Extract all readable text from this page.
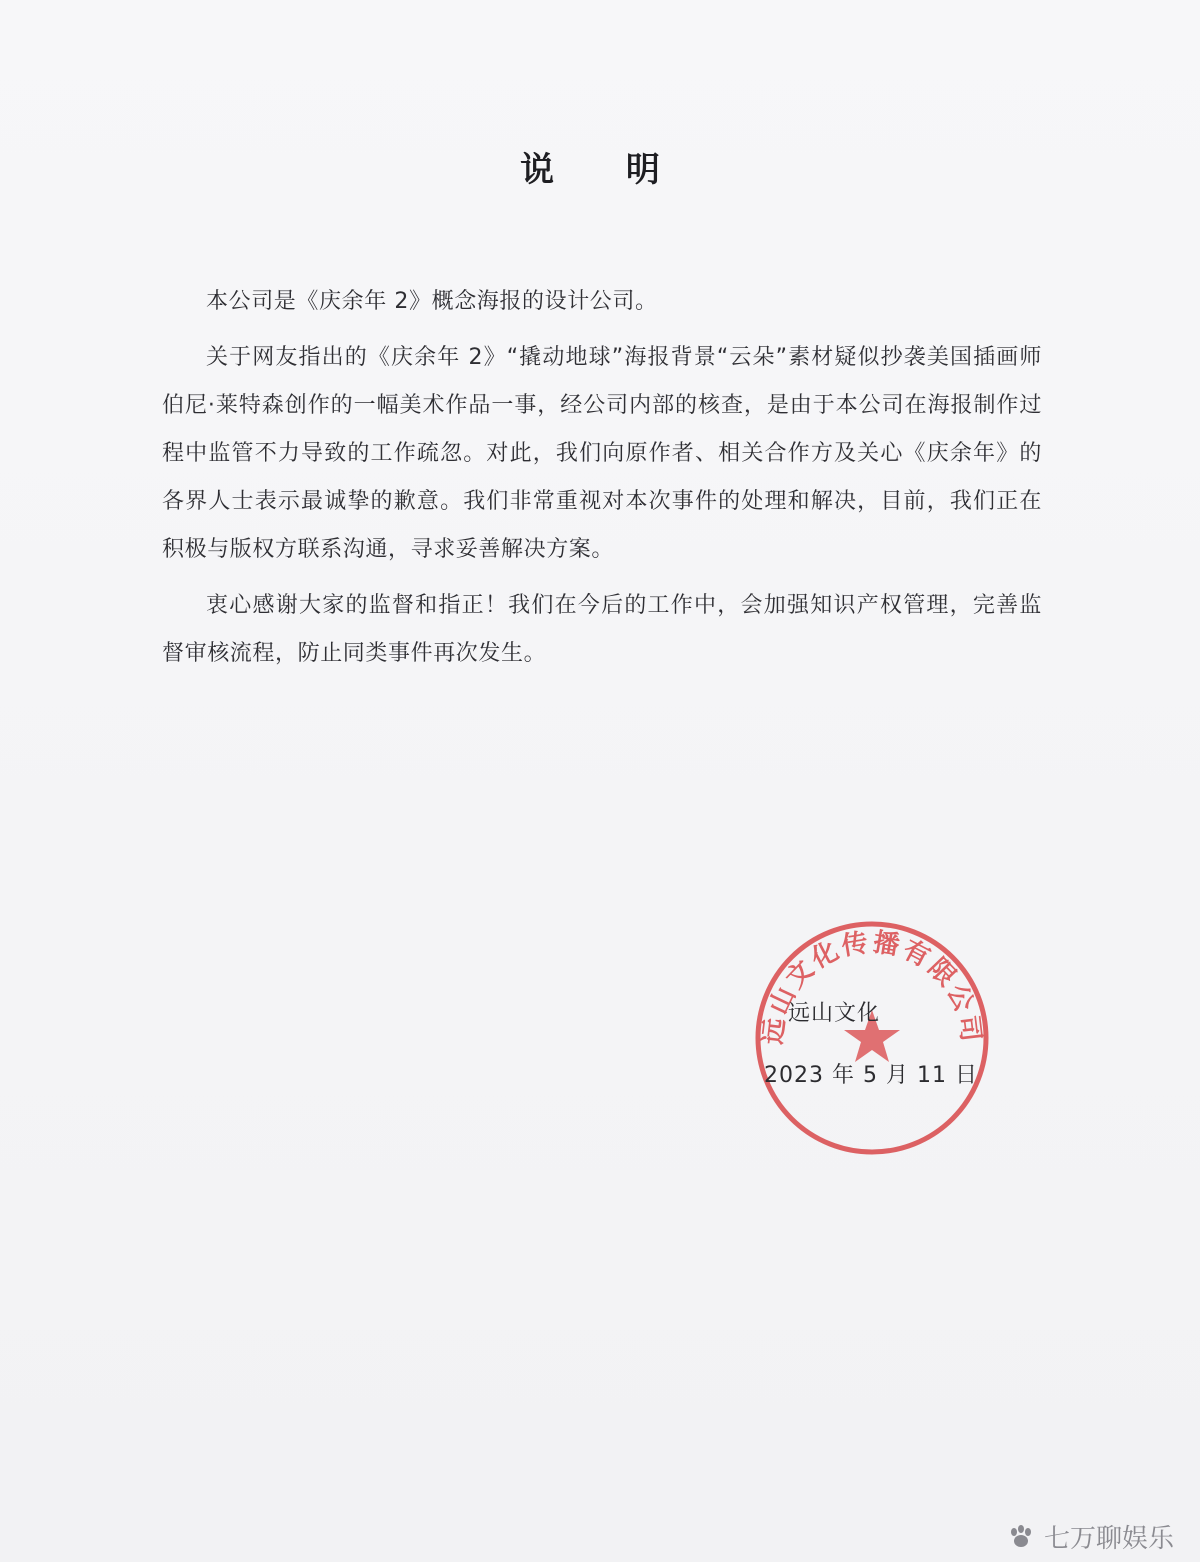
说 明

本公司是《庆余年 2》概念海报的设计公司。

关于网友指出的《庆余年 2》“撬动地球”海报背景“云朵”素材疑似抄袭美国插画师伯尼·莱特森创作的一幅美术作品一事，经公司内部的核查，是由于本公司在海报制作过程中监管不力导致的工作疏忽。对此，我们向原作者、相关合作方及关心《庆余年》的各界人士表示最诚挚的歉意。我们非常重视对本次事件的处理和解决，目前，我们正在积极与版权方联系沟通，寻求妥善解决方案。

衷心感谢大家的监督和指正！我们在今后的工作中，会加强知识产权管理，完善监督审核流程，防止同类事件再次发生。

远山文化传播有限公司
远山文化
2023 年 5 月 11 日
七万聊娱乐
